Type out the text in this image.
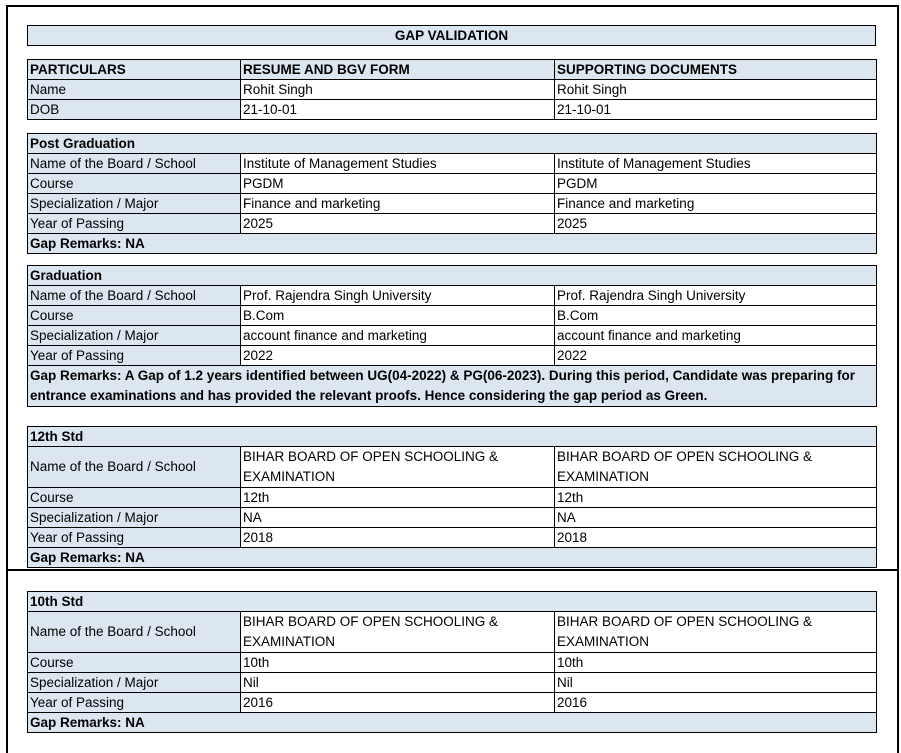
GAP VALIDATION
PARTICULARS	RESUME AND BGV FORM	SUPPORTING DOCUMENTS
Name	Rohit Singh	Rohit Singh
DOB	21-10-01	21-10-01
Post Graduation		
Name of the Board / School	Institute of Management Studies	Institute of Management Studies
Course	PGDM	PGDM
Specialization / Major	Finance and marketing	Finance and marketing
Year of Passing	2025	2025
Gap Remarks: NA		
Graduation		
Name of the Board / School	Prof. Rajendra Singh University	Prof. Rajendra Singh University
Course	B.Com	B.Com
Specialization / Major	account finance and marketing	account finance and marketing
Year of Passing	2022	2022
Gap Remarks: A Gap of 1.2 years identified between UG(04-2022) & PG(06-2023). During this period, Candidate was preparing for entrance examinations and has provided the relevant proofs. Hence considering the gap period as Green.		
12th Std		
Name of the Board / School	BIHAR BOARD OF OPEN SCHOOLING & EXAMINATION	BIHAR BOARD OF OPEN SCHOOLING & EXAMINATION
Course	12th	12th
Specialization / Major	NA	NA
Year of Passing	2018	2018
Gap Remarks: NA		
10th Std		
Name of the Board / School	BIHAR BOARD OF OPEN SCHOOLING & EXAMINATION	BIHAR BOARD OF OPEN SCHOOLING & EXAMINATION
Course	10th	10th
Specialization / Major	Nil	Nil
Year of Passing	2016	2016
Gap Remarks: NA		
